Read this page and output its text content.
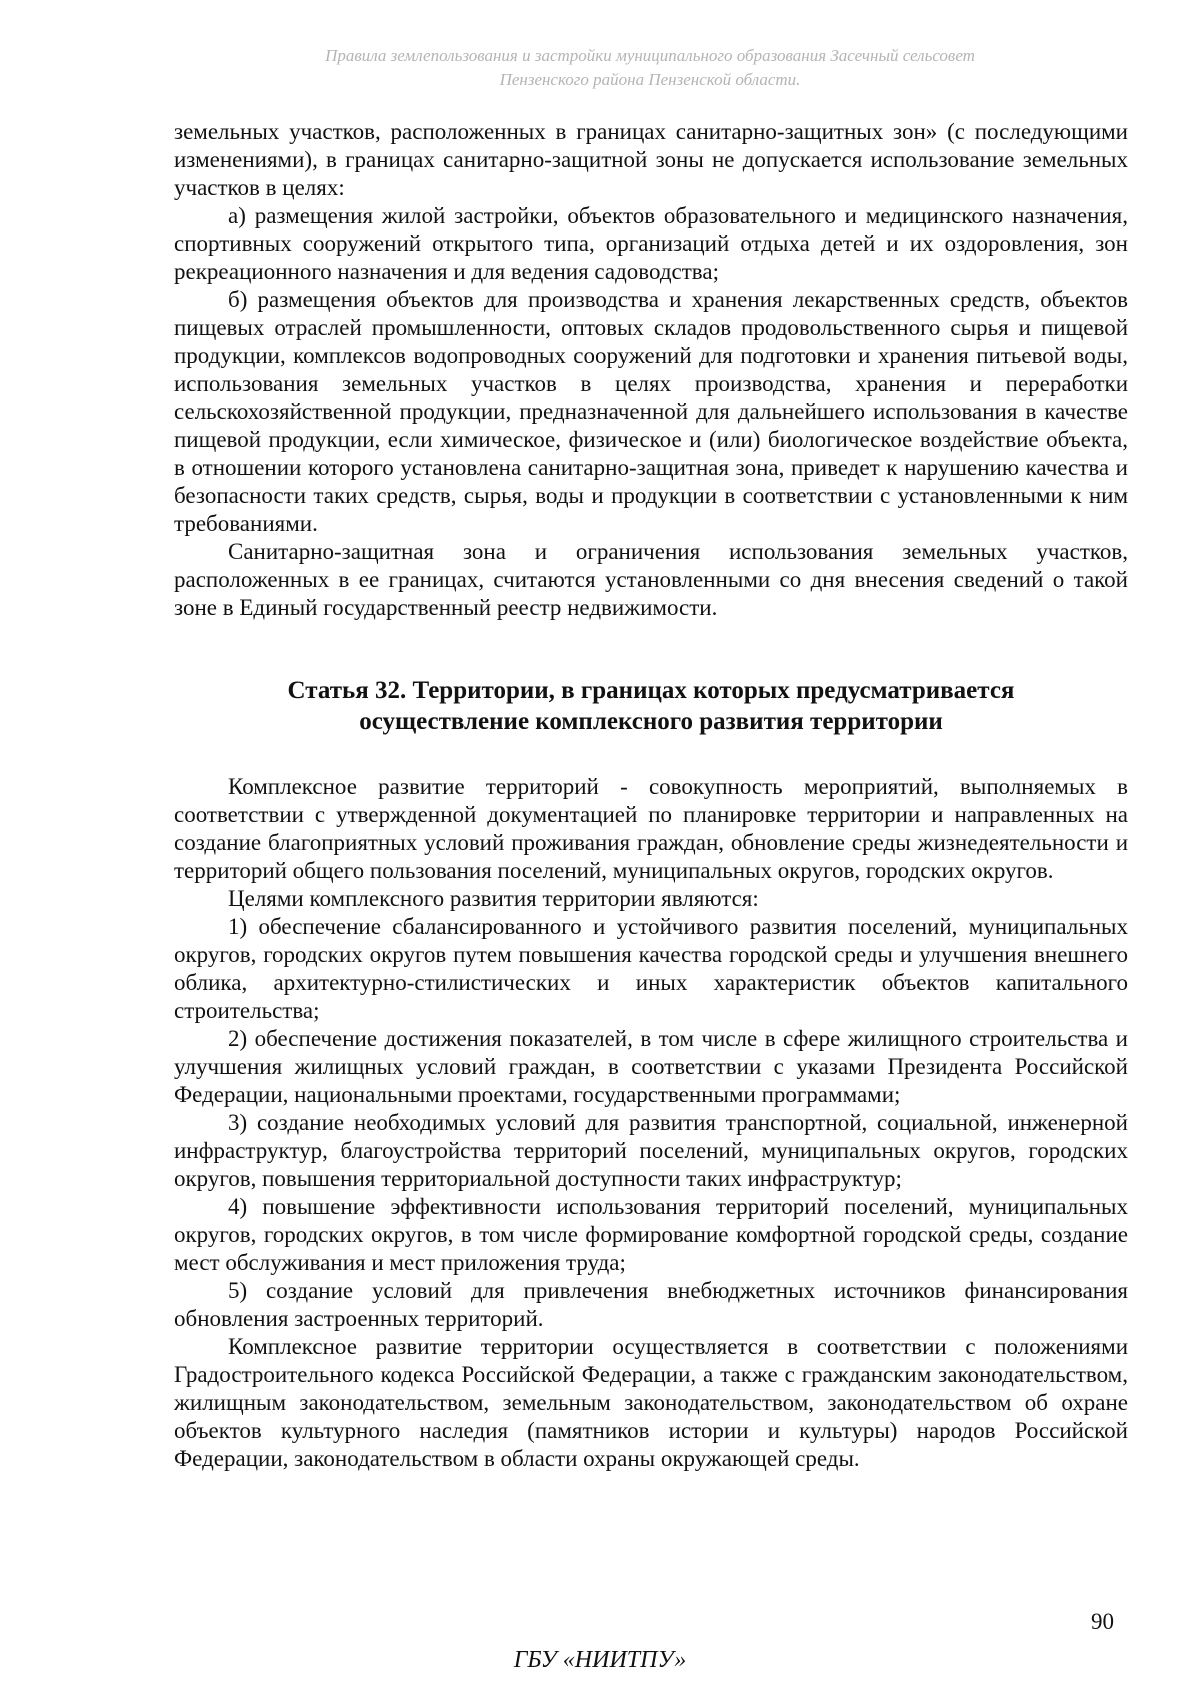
Правила землепользования и застройки муниципального образования Засечный сельсовет
Пензенского района Пензенской области.

земельных участков, расположенных в границах санитарно-защитных зон» (с последующими изменениями), в границах санитарно-защитной зоны не допускается использование земельных участков в целях:

а) размещения жилой застройки, объектов образовательного и медицинского назначения, спортивных сооружений открытого типа, организаций отдыха детей и их оздоровления, зон рекреационного назначения и для ведения садоводства;

б) размещения объектов для производства и хранения лекарственных средств, объектов пищевых отраслей промышленности, оптовых складов продовольственного сырья и пищевой продукции, комплексов водопроводных сооружений для подготовки и хранения питьевой воды, использования земельных участков в целях производства, хранения и переработки сельскохозяйственной продукции, предназначенной для дальнейшего использования в качестве пищевой продукции, если химическое, физическое и (или) биологическое воздействие объекта, в отношении которого установлена санитарно-защитная зона, приведет к нарушению качества и безопасности таких средств, сырья, воды и продукции в соответствии с установленными к ним требованиями.

Санитарно-защитная зона и ограничения использования земельных участков, расположенных в ее границах, считаются установленными со дня внесения сведений о такой зоне в Единый государственный реестр недвижимости.

Статья 32. Территории, в границах которых предусматривается
осуществление комплексного развития территории

Комплексное развитие территорий - совокупность мероприятий, выполняемых в соответствии с утвержденной документацией по планировке территории и направленных на создание благоприятных условий проживания граждан, обновление среды жизнедеятельности и территорий общего пользования поселений, муниципальных округов, городских округов.

Целями комплексного развития территории являются:

1) обеспечение сбалансированного и устойчивого развития поселений, муниципальных округов, городских округов путем повышения качества городской среды и улучшения внешнего облика, архитектурно-стилистических и иных характеристик объектов капитального строительства;

2) обеспечение достижения показателей, в том числе в сфере жилищного строительства и улучшения жилищных условий граждан, в соответствии с указами Президента Российской Федерации, национальными проектами, государственными программами;

3) создание необходимых условий для развития транспортной, социальной, инженерной инфраструктур, благоустройства территорий поселений, муниципальных округов, городских округов, повышения территориальной доступности таких инфраструктур;

4) повышение эффективности использования территорий поселений, муниципальных округов, городских округов, в том числе формирование комфортной городской среды, создание мест обслуживания и мест приложения труда;

5) создание условий для привлечения внебюджетных источников финансирования обновления застроенных территорий.

Комплексное развитие территории осуществляется в соответствии с положениями Градостроительного кодекса Российской Федерации, а также с гражданским законодательством, жилищным законодательством, земельным законодательством, законодательством об охране объектов культурного наследия (памятников истории и культуры) народов Российской Федерации, законодательством в области охраны окружающей среды.

90
ГБУ «НИИТПУ»
